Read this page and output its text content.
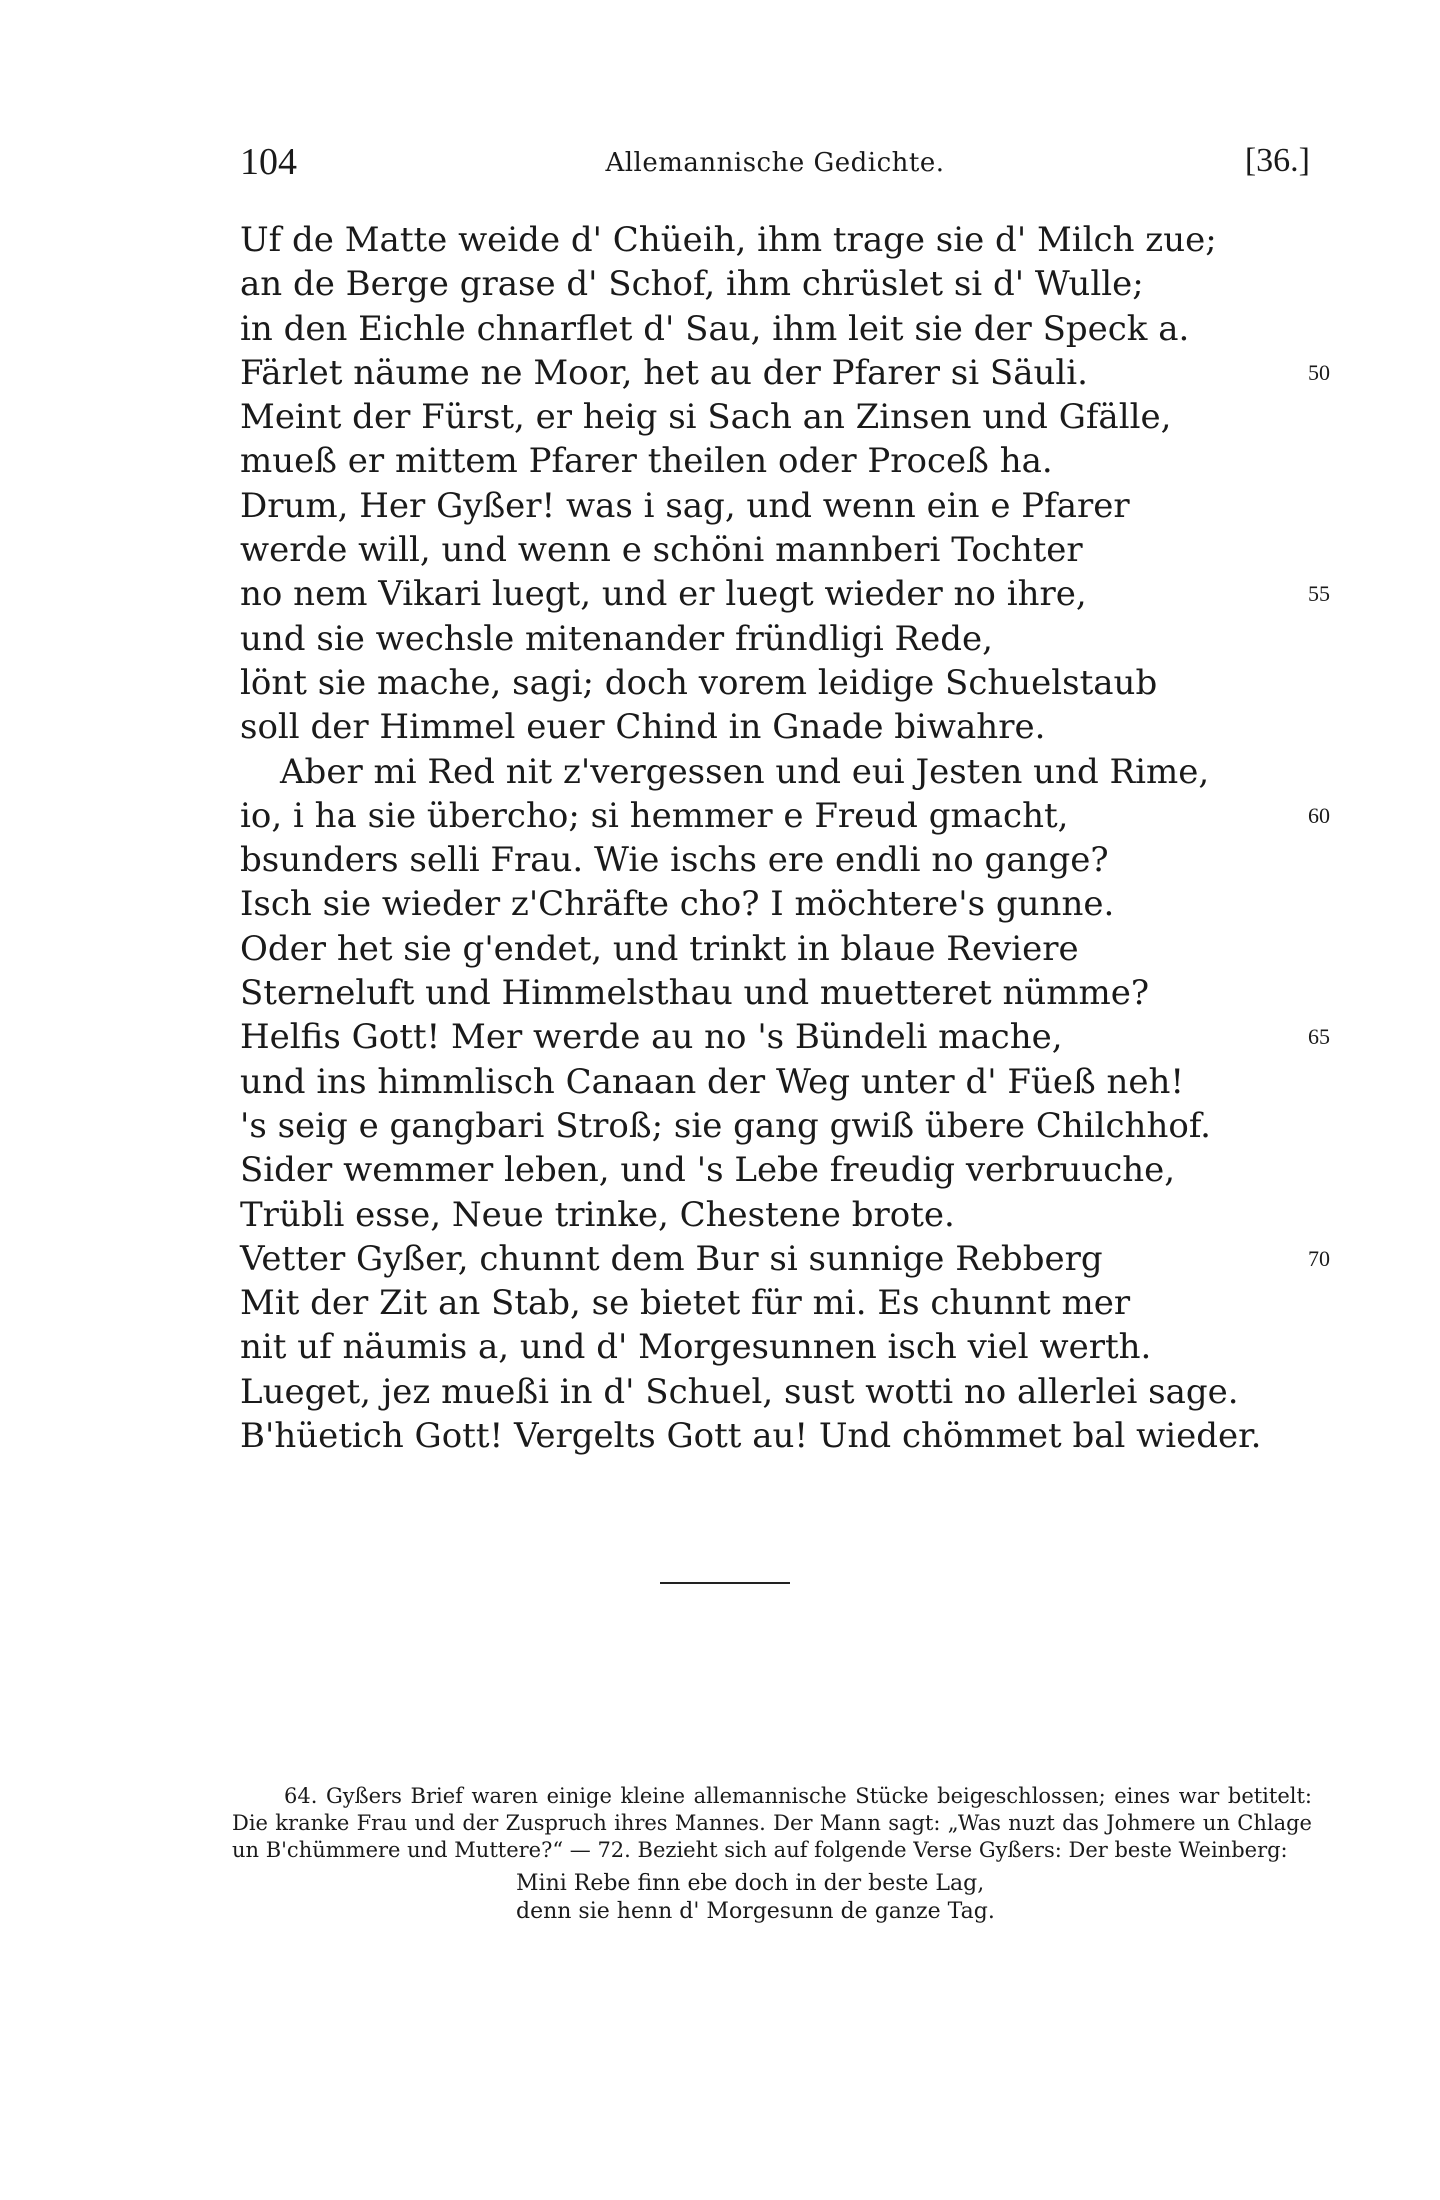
104	Allemannische Gedichte.	[36.]
Uf de Matte weide d' Chüeih, ihm trage sie d' Milch zue;
an de Berge grase d' Schof, ihm chrüslet si d' Wulle;
in den Eichle chnarflet d' Sau, ihm leit sie der Speck a.
Färlet näume ne Moor, het au der Pfarer si Säuli.	50
Meint der Fürst, er heig si Sach an Zinsen und Gfälle,
mueß er mittem Pfarer theilen oder Proceß ha.
Drum, Her Gyßer! was i sag, und wenn ein e Pfarer
werde will, und wenn e schöni mannberi Tochter
no nem Vikari luegt, und er luegt wieder no ihre,	55
und sie wechsle mitenander fründligi Rede,
lönt sie mache, sagi; doch vorem leidige Schuelstaub
soll der Himmel euer Chind in Gnade biwahre.
Aber mi Red nit z'vergessen und eui Jesten und Rime,
io, i ha sie übercho; si hemmer e Freud gmacht,	60
bsunders selli Frau. Wie ischs ere endli no gange?
Isch sie wieder z'Chräfte cho? I möchtere's gunne.
Oder het sie g'endet, und trinkt in blaue Reviere
Sterneluft und Himmelsthau und muetteret nümme?
Helfis Gott! Mer werde au no 's Bündeli mache,	65
und ins himmlisch Canaan der Weg unter d' Füeß neh!
's seig e gangbari Stroß; sie gang gwiß übere Chilchhof.
Sider wemmer leben, und 's Lebe freudig verbruuche,
Trübli esse, Neue trinke, Chestene brote.
Vetter Gyßer, chunnt dem Bur si sunnige Rebberg	70
Mit der Zit an Stab, se bietet für mi. Es chunnt mer
nit uf näumis a, und d' Morgesunnen isch viel werth.
Lueget, jez mueßi in d' Schuel, sust wotti no allerlei sage.
B'hüetich Gott! Vergelts Gott au! Und chömmet bal wieder.
64. Gyßers Brief waren einige kleine allemannische Stücke beigeschlossen; eines war betitelt: Die kranke Frau und der Zuspruch ihres Mannes. Der Mann sagt: „Was nuzt das Johmere un Chlage un B'chümmere und Muttere?“ — 72. Bezieht sich auf folgende Verse Gyßers: Der beste Weinberg:
Mini Rebe finn ebe doch in der beste Lag,
denn sie henn d' Morgesunn de ganze Tag.
